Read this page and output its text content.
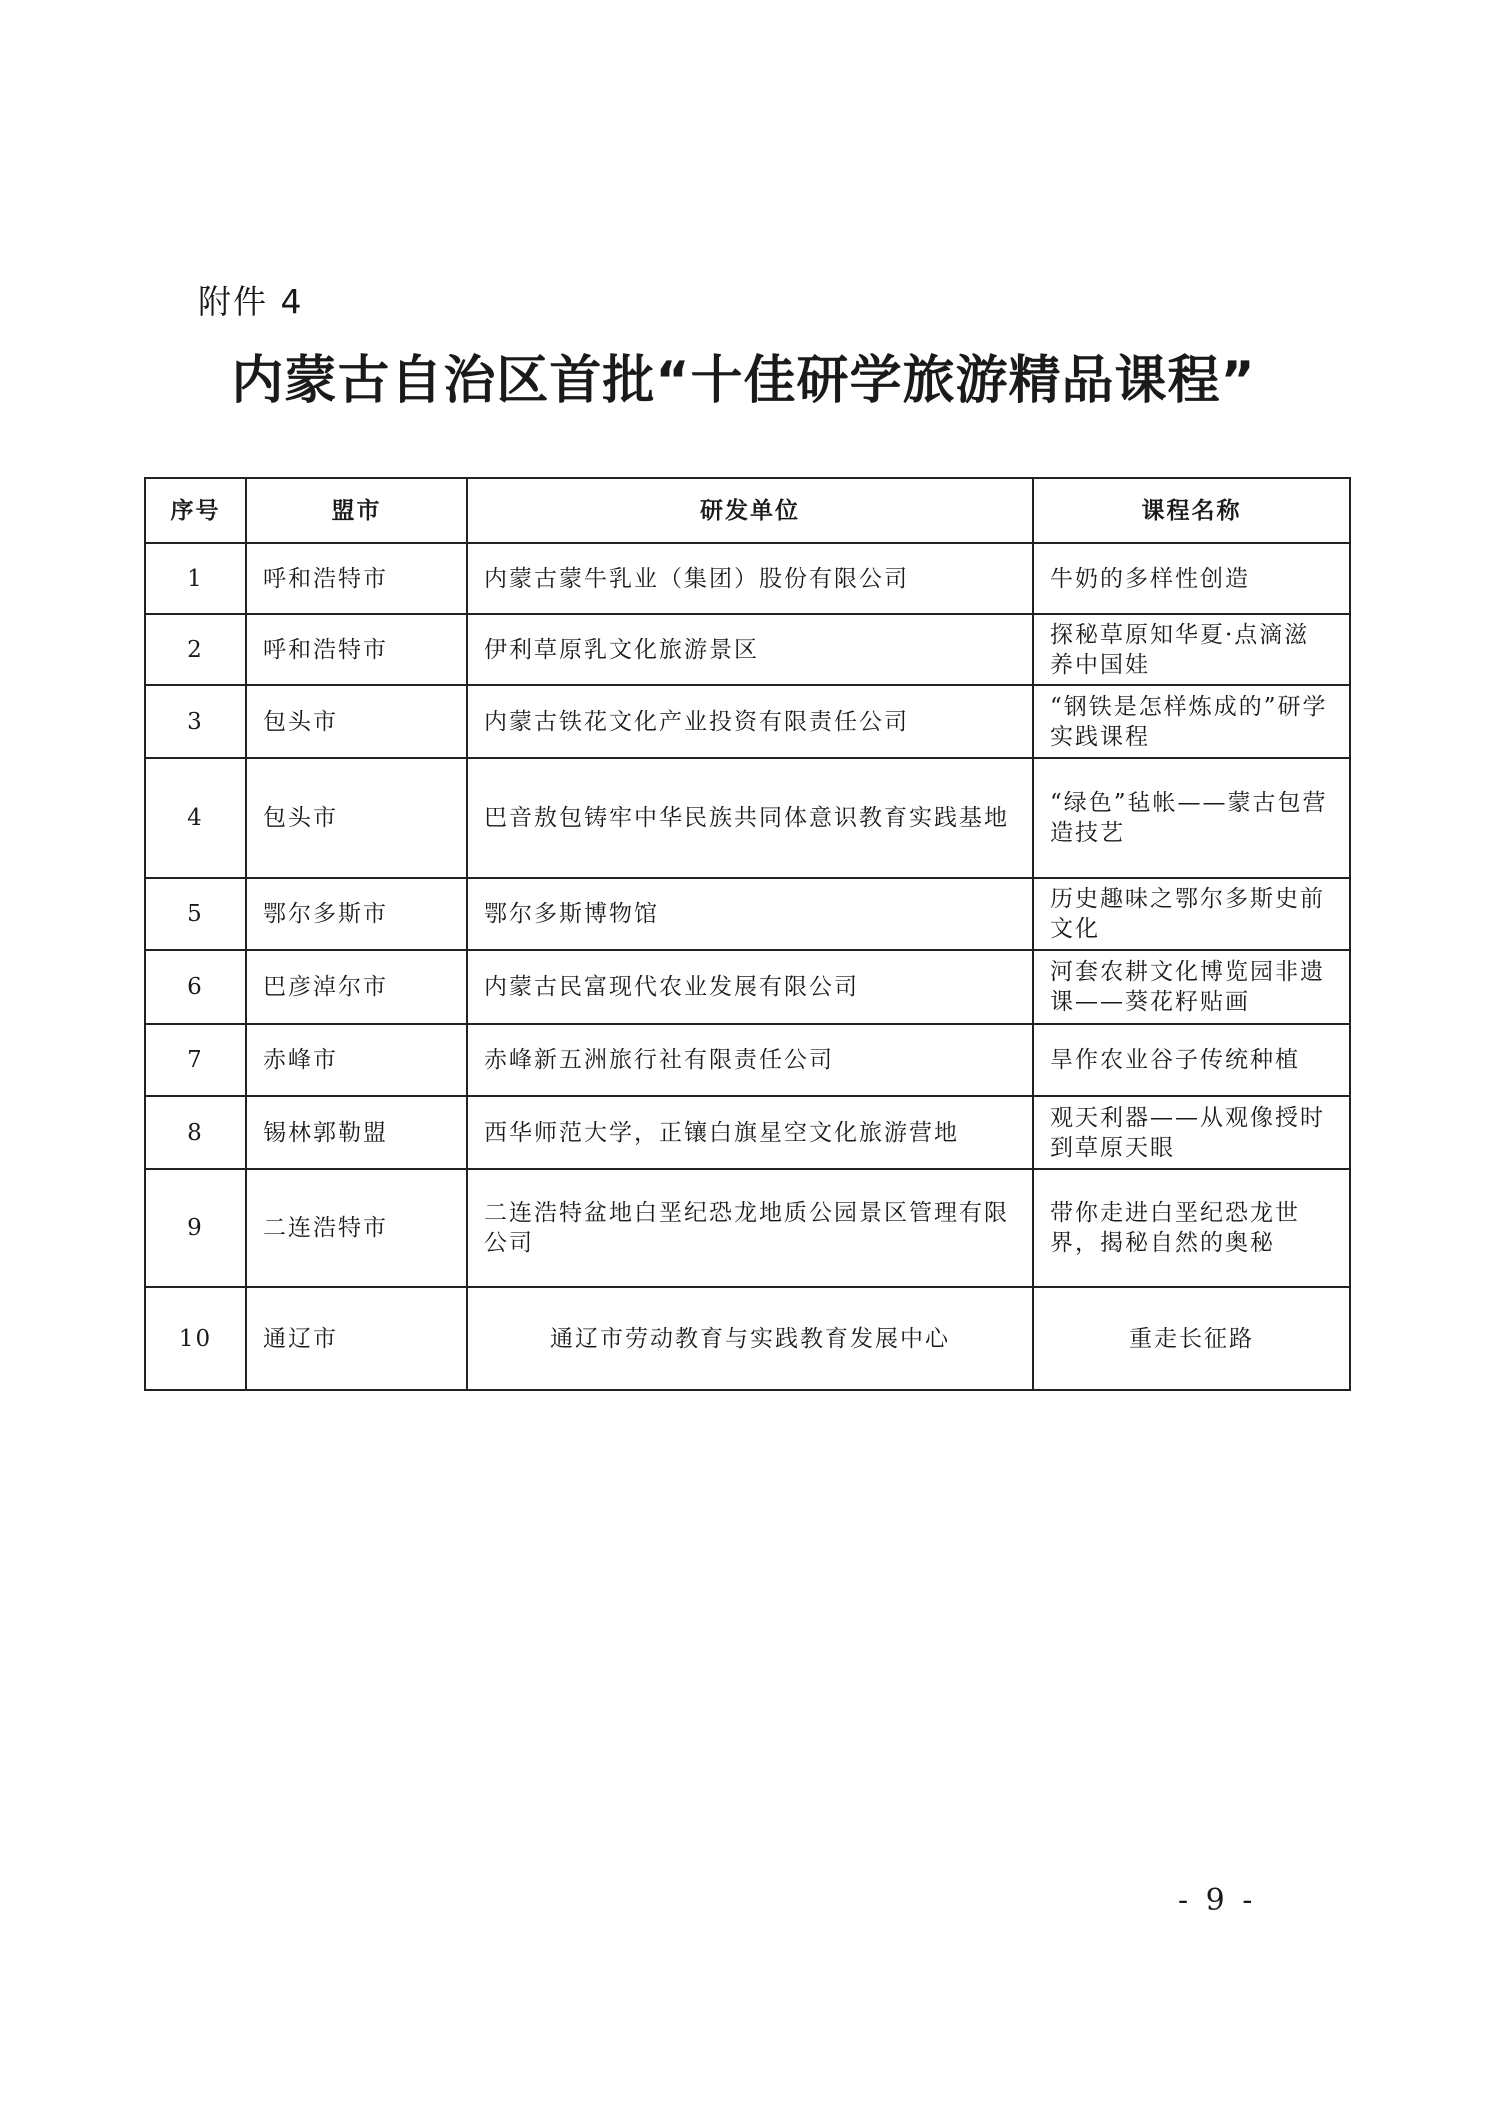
附件 4
内蒙古自治区首批“十佳研学旅游精品课程”
序号	盟市	研发单位	课程名称
1	呼和浩特市	内蒙古蒙牛乳业（集团）股份有限公司	牛奶的多样性创造
2	呼和浩特市	伊利草原乳文化旅游景区	探秘草原知华夏·点滴滋养中国娃
3	包头市	内蒙古铁花文化产业投资有限责任公司	“钢铁是怎样炼成的”研学实践课程
4	包头市	巴音敖包铸牢中华民族共同体意识教育实践基地	“绿色”毡帐——蒙古包营造技艺
5	鄂尔多斯市	鄂尔多斯博物馆	历史趣味之鄂尔多斯史前文化
6	巴彦淖尔市	内蒙古民富现代农业发展有限公司	河套农耕文化博览园非遗课——葵花籽贴画
7	赤峰市	赤峰新五洲旅行社有限责任公司	旱作农业谷子传统种植
8	锡林郭勒盟	西华师范大学，正镶白旗星空文化旅游营地	观天利器——从观像授时到草原天眼
9	二连浩特市	二连浩特盆地白垩纪恐龙地质公园景区管理有限公司	带你走进白垩纪恐龙世界，揭秘自然的奥秘
10	通辽市	通辽市劳动教育与实践教育发展中心	重走长征路
- 9 -
